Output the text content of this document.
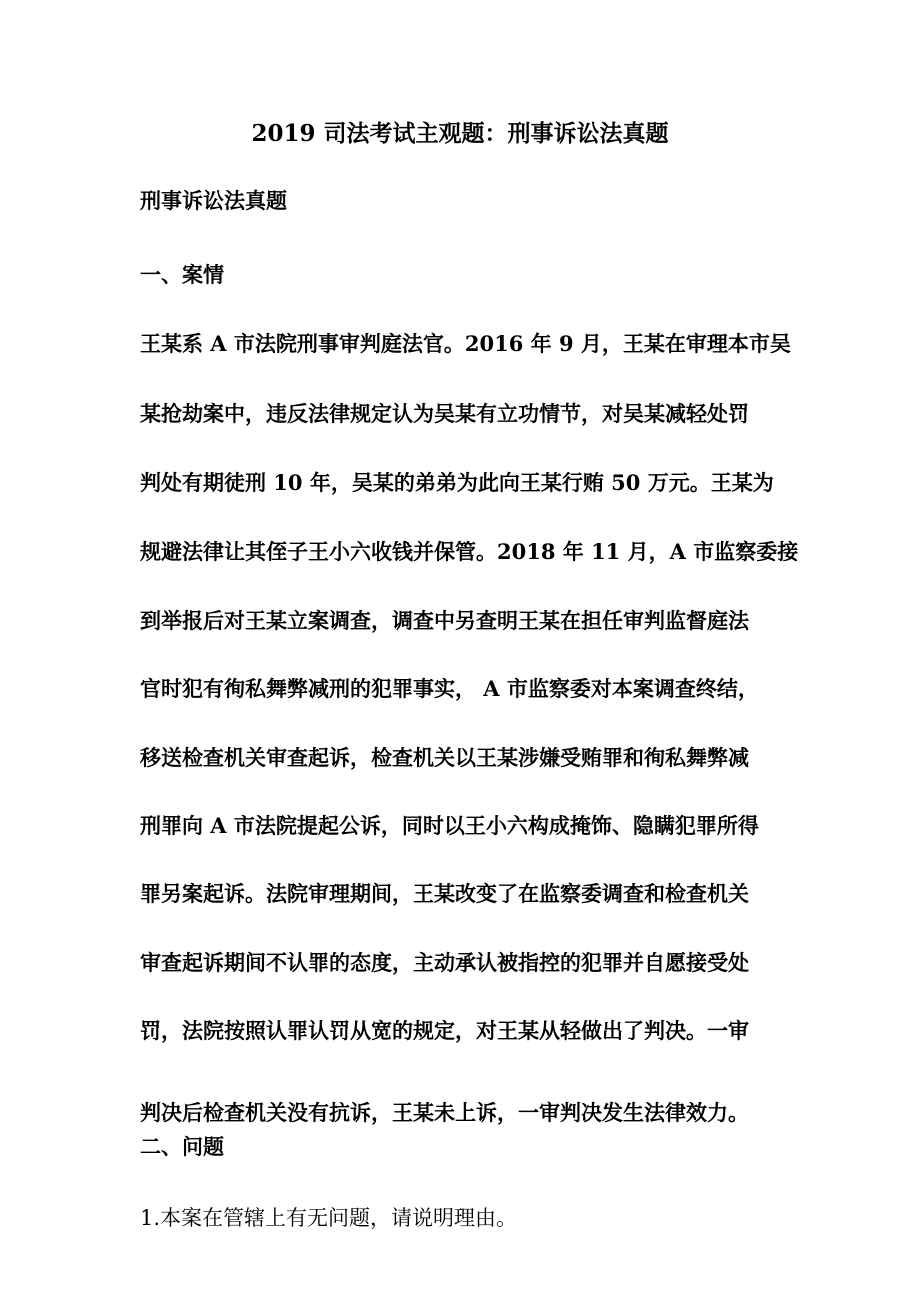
2019 司法考试主观题：刑事诉讼法真题
刑事诉讼法真题
一、案情
王某系 A 市法院刑事审判庭法官。2016 年 9 月，王某在审理本市吴
某抢劫案中，违反法律规定认为吴某有立功情节，对吴某减轻处罚
判处有期徒刑 10 年，吴某的弟弟为此向王某行贿 50 万元。王某为
规避法律让其侄子王小六收钱并保管。2018 年 11 月，A 市监察委接
到举报后对王某立案调查，调查中另查明王某在担任审判监督庭法
官时犯有徇私舞弊减刑的犯罪事实， A 市监察委对本案调查终结，
移送检查机关审查起诉，检查机关以王某涉嫌受贿罪和徇私舞弊减
刑罪向 A 市法院提起公诉，同时以王小六构成掩饰、隐瞒犯罪所得
罪另案起诉。法院审理期间，王某改变了在监察委调查和检查机关
审查起诉期间不认罪的态度，主动承认被指控的犯罪并自愿接受处
罚，法院按照认罪认罚从宽的规定，对王某从轻做出了判决。一审
判决后检查机关没有抗诉，王某未上诉，一审判决发生法律效力。
二、问题
1.本案在管辖上有无问题，请说明理由。
